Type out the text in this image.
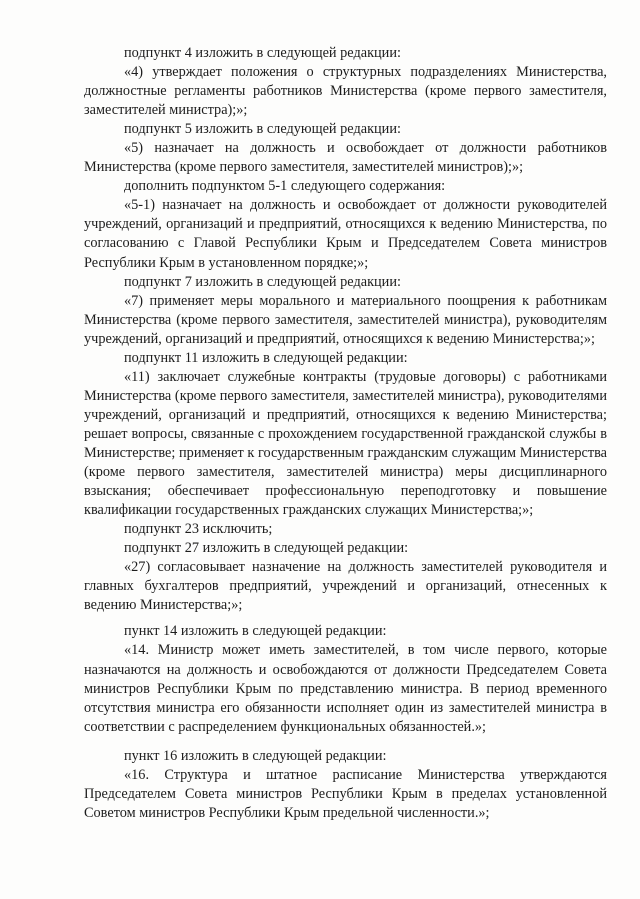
подпункт 4 изложить в следующей редакции:

«4) утверждает положения о структурных подразделениях Министерства, должностные регламенты работников Министерства (кроме первого заместителя, заместителей министра);»;

подпункт 5 изложить в следующей редакции:

«5) назначает на должность и освобождает от должности работников Министерства (кроме первого заместителя, заместителей министров);»;

дополнить подпунктом 5-1 следующего содержания:

«5-1) назначает на должность и освобождает от должности руководителей учреждений, организаций и предприятий, относящихся к ведению Министерства, по согласованию с Главой Республики Крым и Председателем Совета министров Республики Крым в установленном порядке;»;

подпункт 7 изложить в следующей редакции:

«7) применяет меры морального и материального поощрения к работникам Министерства (кроме первого заместителя, заместителей министра), руководителям учреждений, организаций и предприятий, относящихся к ведению Министерства;»;

подпункт 11 изложить в следующей редакции:

«11) заключает служебные контракты (трудовые договоры) с работниками Министерства (кроме первого заместителя, заместителей министра), руководителями учреждений, организаций и предприятий, относящихся к ведению Министерства; решает вопросы, связанные с прохождением государственной гражданской службы в Министерстве; применяет к государственным гражданским служащим Министерства (кроме первого заместителя, заместителей министра) меры дисциплинарного взыскания; обеспечивает профессиональную переподготовку и повышение квалификации государственных гражданских служащих Министерства;»;

подпункт 23 исключить;

подпункт 27 изложить в следующей редакции:

«27) согласовывает назначение на должность заместителей руководителя и главных бухгалтеров предприятий, учреждений и организаций, отнесенных к ведению Министерства;»;

пункт 14 изложить в следующей редакции:

«14. Министр может иметь заместителей, в том числе первого, которые назначаются на должность и освобождаются от должности Председателем Совета министров Республики Крым по представлению министра. В период временного отсутствия министра его обязанности исполняет один из заместителей министра в соответствии с распределением функциональных обязанностей.»;

пункт 16 изложить в следующей редакции:

«16. Структура и штатное расписание Министерства утверждаются Председателем Совета министров Республики Крым в пределах установленной Советом министров Республики Крым предельной численности.»;
